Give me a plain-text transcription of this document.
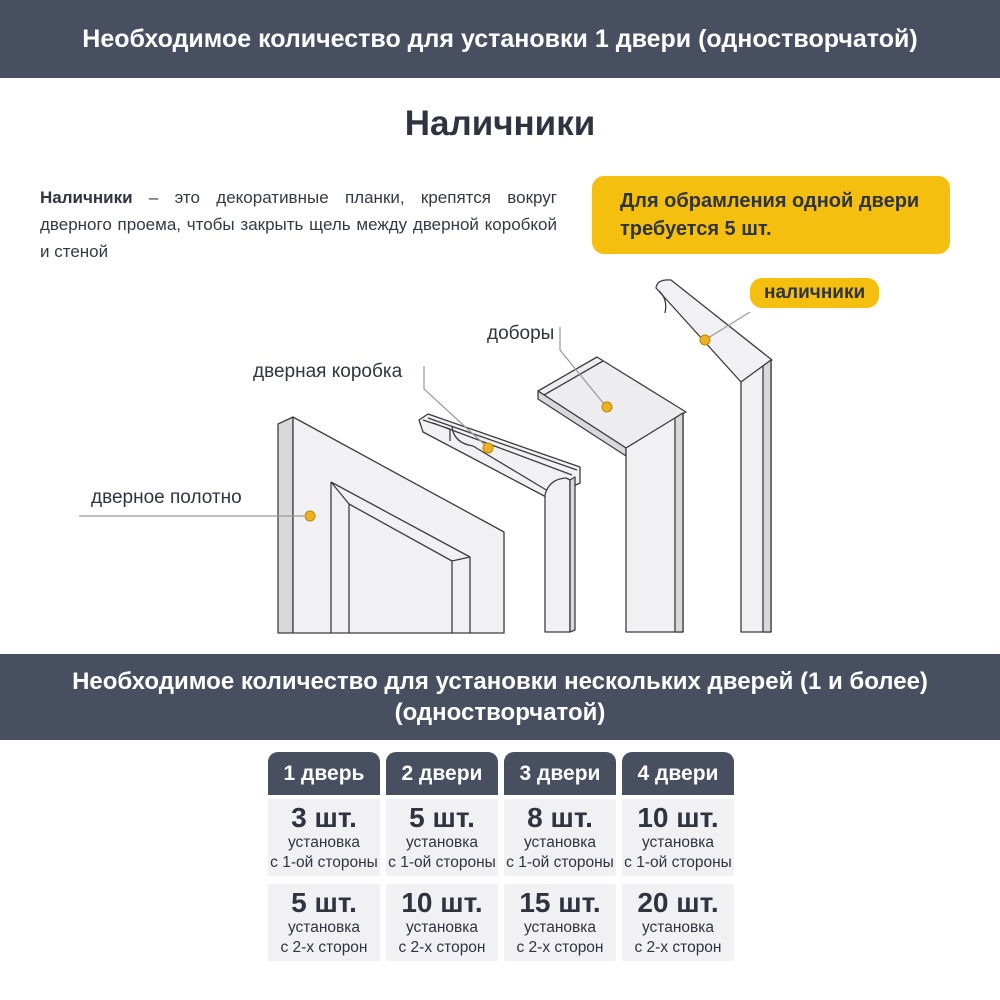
Необходимое количество для установки 1 двери (одностворчатой)
Наличники

Наличники – это декоративные планки, крепятся вокруг дверного проема, чтобы закрыть щель между дверной коробкой и стеной

Для обрамления одной двери требуется 5 шт.
дверное полотно
дверная коробка
доборы
наличники
Необходимое количество для установки нескольких дверей (1 и более)
(одностворчатой)
1 дверь
3 шт.
установка
с 1-ой стороны
5 шт.
установка
с 2-х сторон
2 двери
5 шт.
установка
с 1-ой стороны
10 шт.
установка
с 2-х сторон
3 двери
8 шт.
установка
с 1-ой стороны
15 шт.
установка
с 2-х сторон
4 двери
10 шт.
установка
с 1-ой стороны
20 шт.
установка
с 2-х сторон
